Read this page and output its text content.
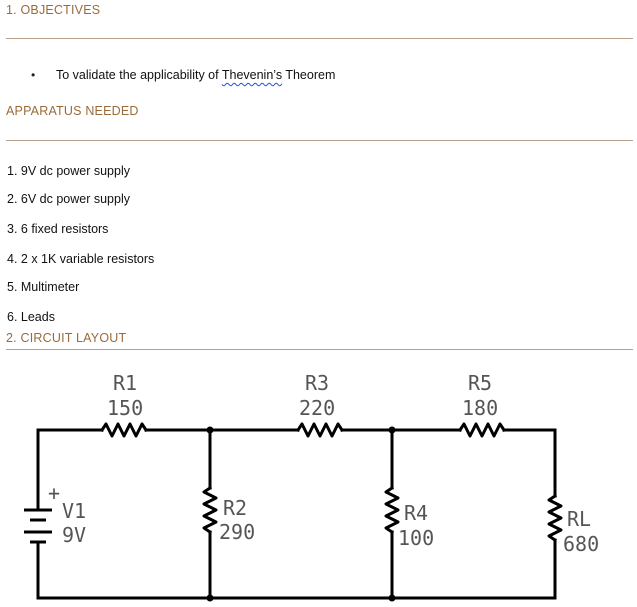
1. OBJECTIVES
• To validate the applicability of Thevenin’s Theorem
APPARATUS NEEDED
1. 9V dc power supply
2. 6V dc power supply
3. 6 fixed resistors
4. 2 x 1K variable resistors
5. Multimeter
6. Leads
2. CIRCUIT LAYOUT
+
V1
9V
R1
150
R2
290
R3
220
R4
100
R5
180
RL
680
